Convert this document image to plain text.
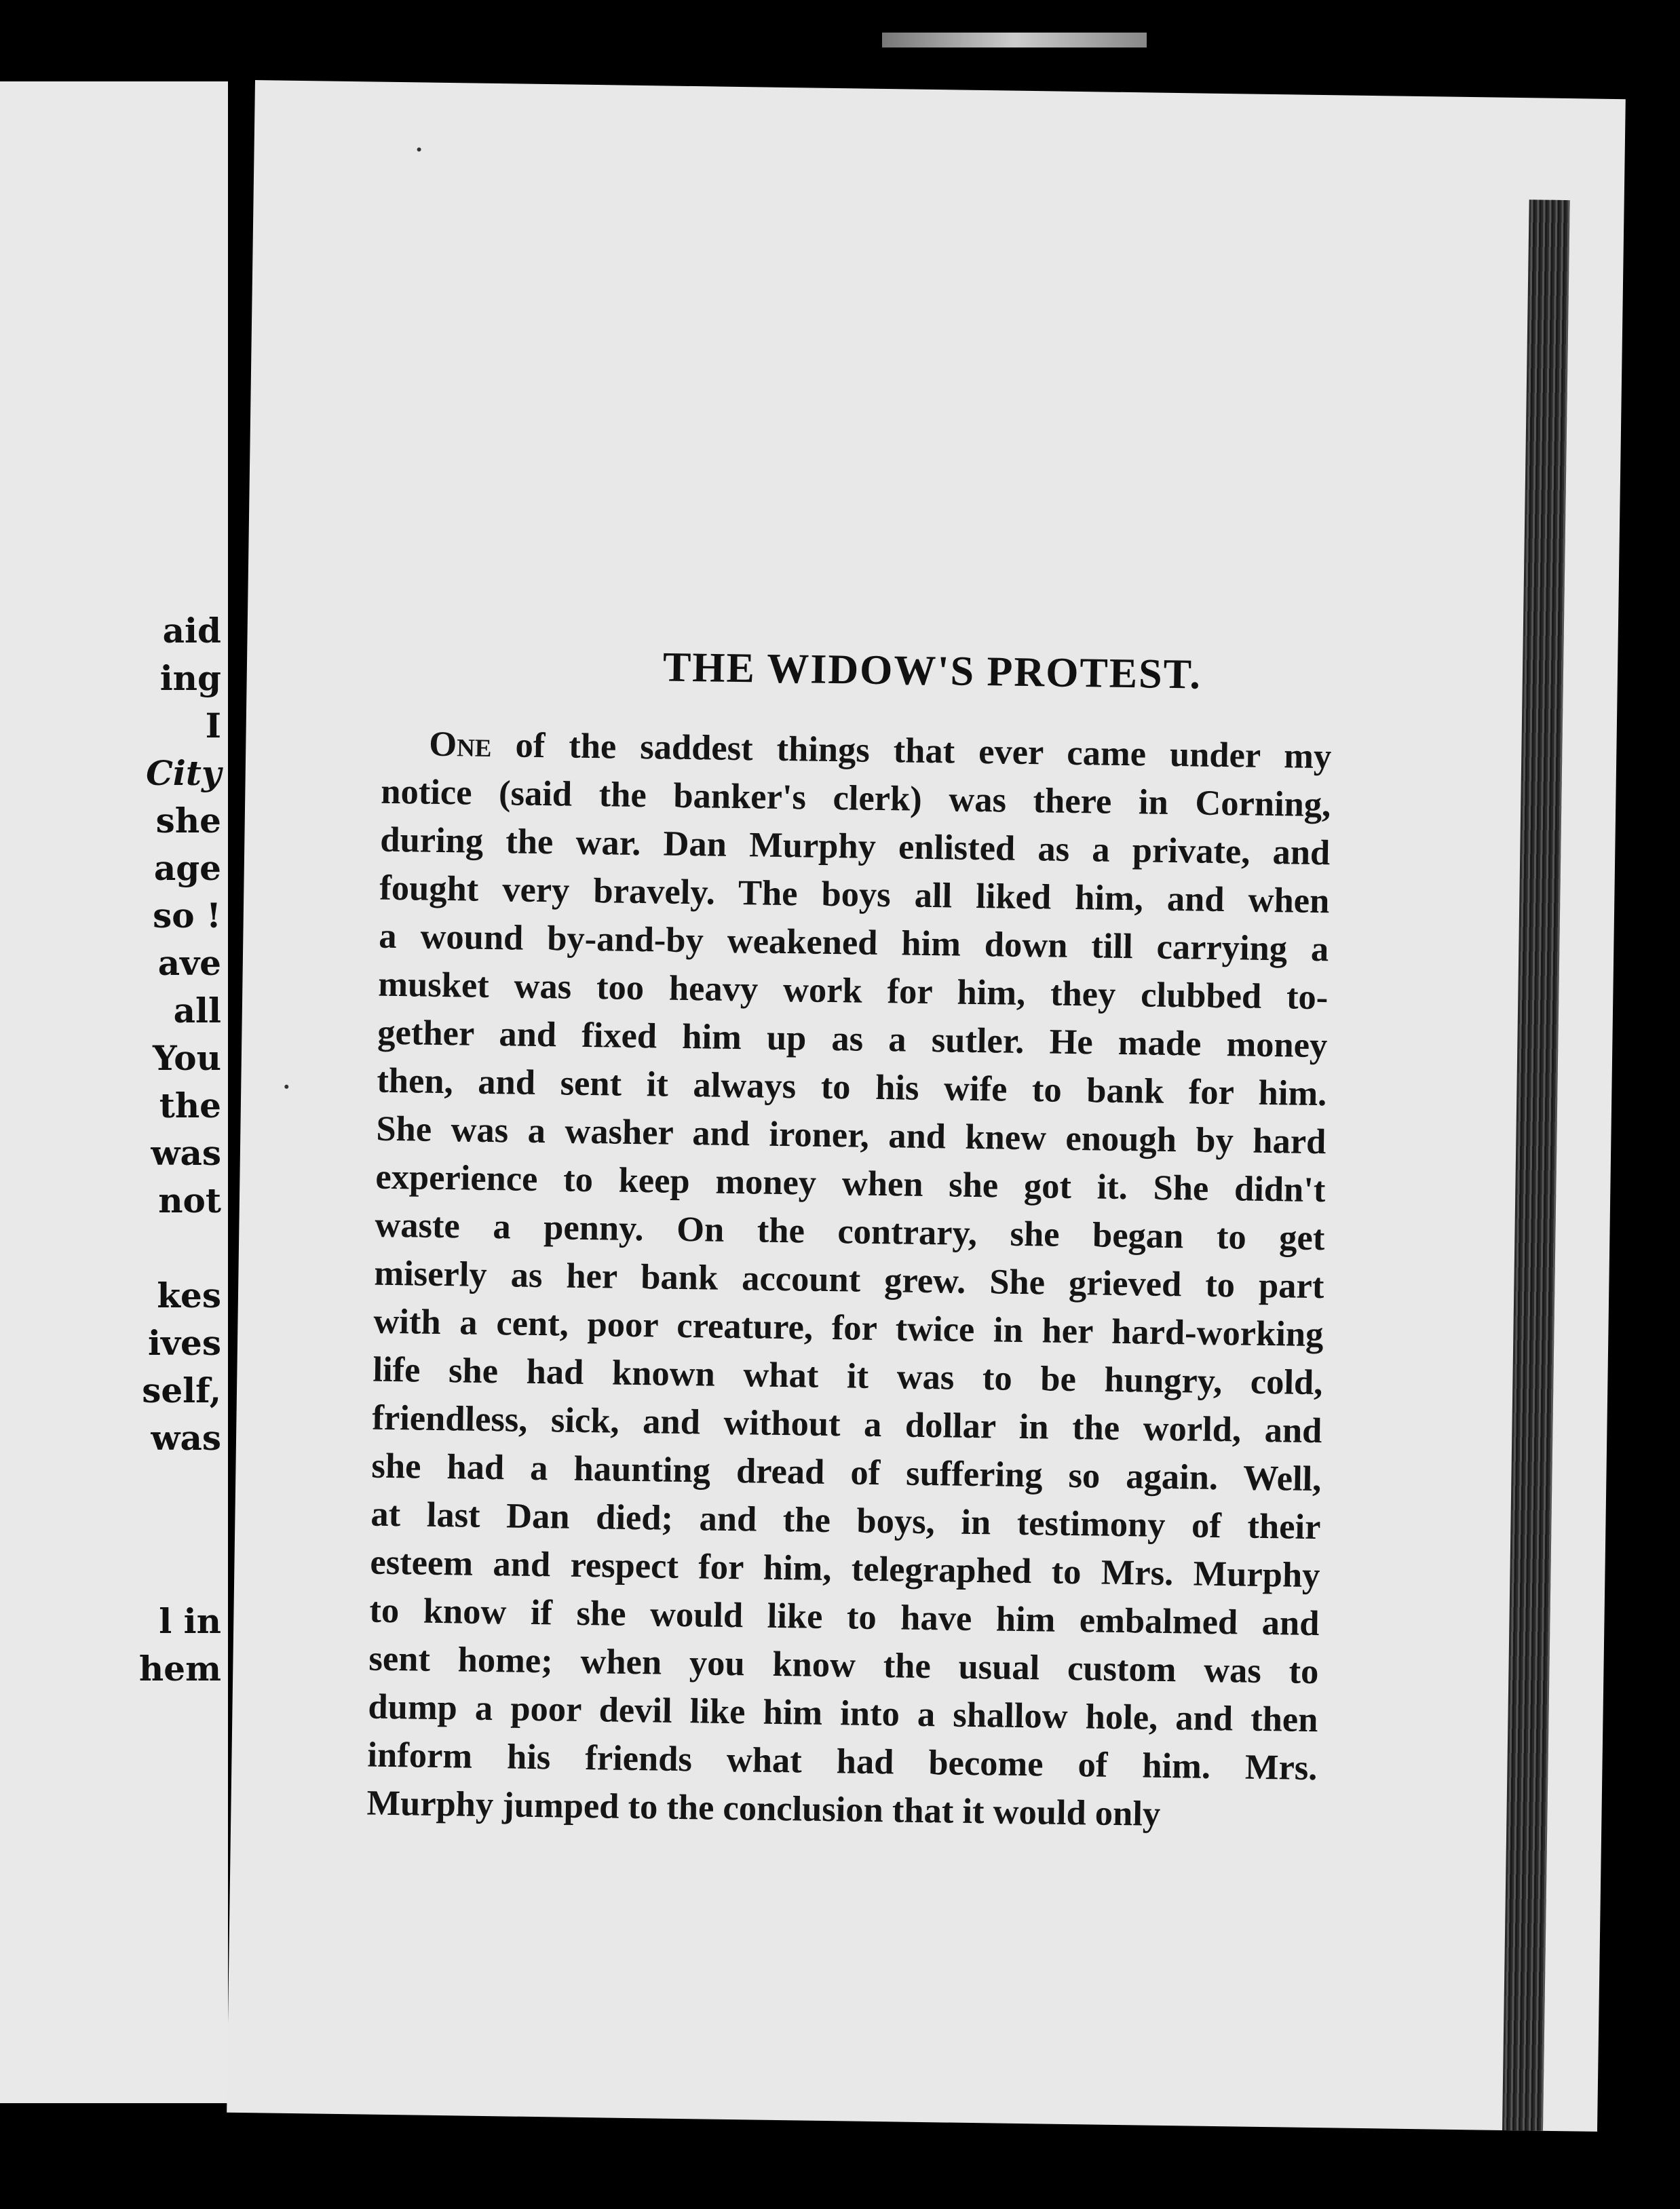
aid
ing
I
City
she
age
so !
ave
all
You
the
was
not
kes
ives
self,
was
l in
hem
THE WIDOW'S PROTEST.
One of the saddest things that ever came under my
notice (said the banker's clerk) was there in Corning,
during the war. Dan Murphy enlisted as a private, and
fought very bravely. The boys all liked him, and when
a wound by-and-by weakened him down till carrying a
musket was too heavy work for him, they clubbed to-
gether and fixed him up as a sutler. He made money
then, and sent it always to his wife to bank for him.
She was a washer and ironer, and knew enough by hard
experience to keep money when she got it. She didn't
waste a penny. On the contrary, she began to get
miserly as her bank account grew. She grieved to part
with a cent, poor creature, for twice in her hard-working
life she had known what it was to be hungry, cold,
friendless, sick, and without a dollar in the world, and
she had a haunting dread of suffering so again. Well,
at last Dan died; and the boys, in testimony of their
esteem and respect for him, telegraphed to Mrs. Murphy
to know if she would like to have him embalmed and
sent home; when you know the usual custom was to
dump a poor devil like him into a shallow hole, and then
inform his friends what had become of him. Mrs.
Murphy jumped to the conclusion that it would only
